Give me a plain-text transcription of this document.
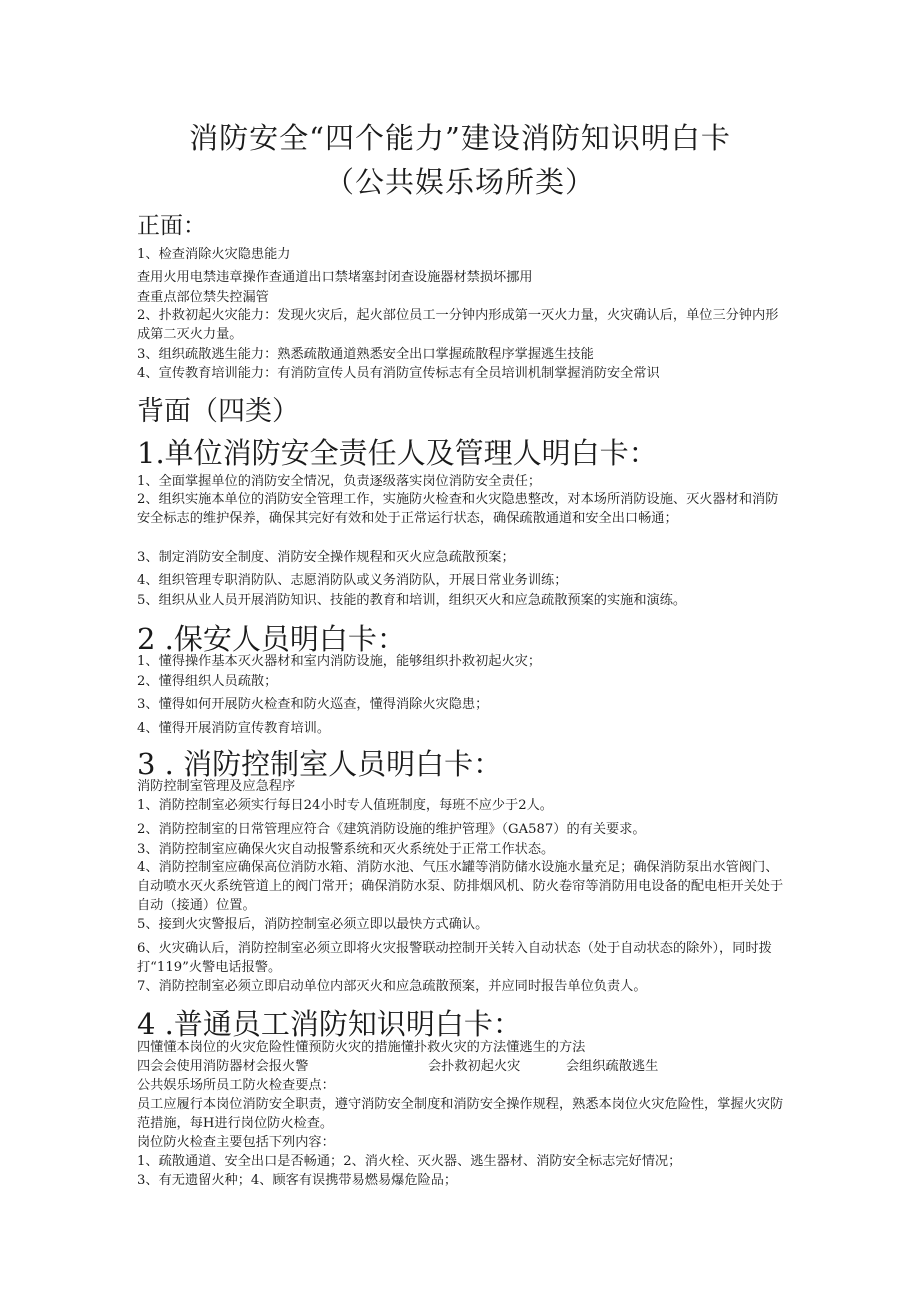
消防安全“四个能力”建设消防知识明白卡
（公共娱乐场所类）
正面：
1、检查消除火灾隐患能力
查用火用电禁违章操作查通道出口禁堵塞封闭查设施器材禁损坏挪用
查重点部位禁失控漏管
2、扑救初起火灾能力：发现火灾后，起火部位员工一分钟内形成第一灭火力量，火灾确认后，单位三分钟内形成第二灭火力量。
3、组织疏散逃生能力：熟悉疏散通道熟悉安全出口掌握疏散程序掌握逃生技能
4、宣传教育培训能力：有消防宣传人员有消防宣传标志有全员培训机制掌握消防安全常识
背面（四类）
1.单位消防安全责任人及管理人明白卡：
1、全面掌握单位的消防安全情况，负责逐级落实岗位消防安全责任；
2、组织实施本单位的消防安全管理工作，实施防火检查和火灾隐患整改，对本场所消防设施、灭火器材和消防安全标志的维护保养，确保其完好有效和处于正常运行状态，确保疏散通道和安全出口畅通；
3、制定消防安全制度、消防安全操作规程和灭火应急疏散预案；
4、组织管理专职消防队、志愿消防队或义务消防队，开展日常业务训练；
5、组织从业人员开展消防知识、技能的教育和培训，组织灭火和应急疏散预案的实施和演练。
2 .保安人员明白卡：
1、懂得操作基本灭火器材和室内消防设施，能够组织扑救初起火灾；
2、懂得组织人员疏散；
3、懂得如何开展防火检查和防火巡查，懂得消除火灾隐患；
4、懂得开展消防宣传教育培训。
3 . 消防控制室人员明白卡：
消防控制室管理及应急程序
1、消防控制室必须实行每日24小时专人值班制度，每班不应少于2人。
2、消防控制室的日常管理应符合《建筑消防设施的维护管理》（GA587）的有关要求。
3、消防控制室应确保火灾自动报警系统和灭火系统处于正常工作状态。
4、消防控制室应确保高位消防水箱、消防水池、气压水罐等消防储水设施水量充足；确保消防泵出水管阀门、自动喷水灭火系统管道上的阀门常开；确保消防水泵、防排烟风机、防火卷帘等消防用电设备的配电柜开关处于自动（接通）位置。
5、接到火灾警报后，消防控制室必须立即以最快方式确认。
6、火灾确认后，消防控制室必须立即将火灾报警联动控制开关转入自动状态（处于自动状态的除外），同时拨打“119”火警电话报警。
7、消防控制室必须立即启动单位内部灭火和应急疏散预案，并应同时报告单位负责人。
4 .普通员工消防知识明白卡：
四懂懂本岗位的火灾危险性懂预防火灾的措施懂扑救火灾的方法懂逃生的方法
四会会使用消防器材会报火警	会扑救初起火灾	会组织疏散逃生
公共娱乐场所员工防火检查要点：
员工应履行本岗位消防安全职责，遵守消防安全制度和消防安全操作规程，熟悉本岗位火灾危险性，掌握火灾防范措施，每H进行岗位防火检查。
岗位防火检查主要包括下列内容：
1、疏散通道、安全出口是否畅通；2、消火栓、灭火器、逃生器材、消防安全标志完好情况；
3、有无遗留火种；4、顾客有误携带易燃易爆危险品；
